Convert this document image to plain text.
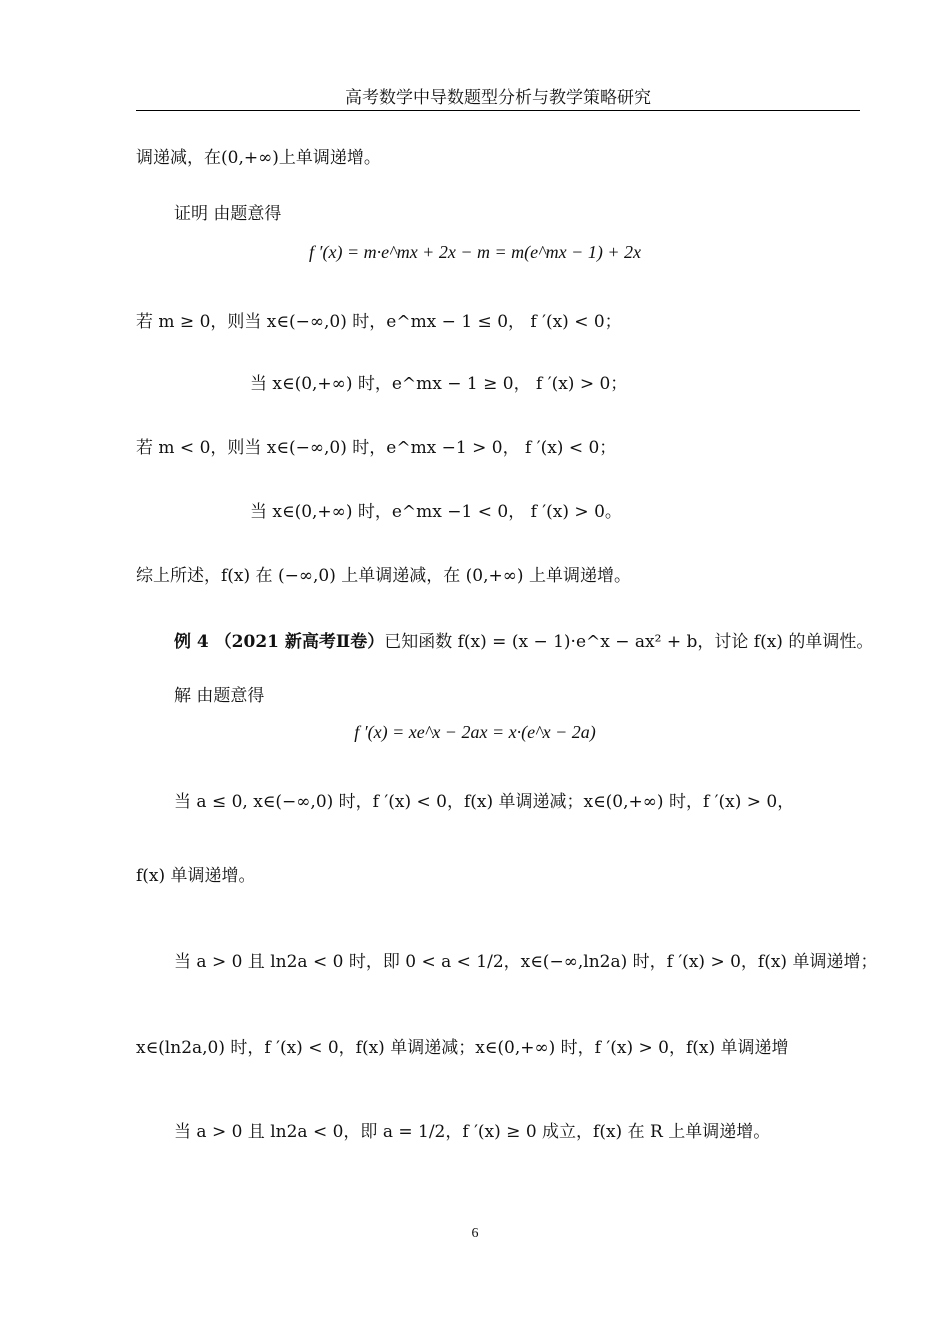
高考数学中导数题型分析与教学策略研究
调递减，在(0,+∞)上单调递增。
证明 由题意得
f ′(x) = m·e^mx + 2x − m = m(e^mx − 1) + 2x
若 m ≥ 0，则当 x∈(−∞,0) 时，e^mx − 1 ≤ 0， f ′(x) < 0；
当 x∈(0,+∞) 时，e^mx − 1 ≥ 0， f ′(x) > 0；
若 m < 0，则当 x∈(−∞,0) 时，e^mx −1 > 0， f ′(x) < 0；
当 x∈(0,+∞) 时，e^mx −1 < 0， f ′(x) > 0。
综上所述，f(x) 在 (−∞,0) 上单调递减，在 (0,+∞) 上单调递增。
例 4 （2021 新高考Ⅱ卷）已知函数 f(x) = (x − 1)·e^x − ax² + b，讨论 f(x) 的单调性。
解 由题意得
f ′(x) = xe^x − 2ax = x·(e^x − 2a)
当 a ≤ 0, x∈(−∞,0) 时，f ′(x) < 0，f(x) 单调递减；x∈(0,+∞) 时，f ′(x) > 0，
f(x) 单调递增。
当 a > 0 且 ln2a < 0 时，即 0 < a < 1/2，x∈(−∞,ln2a) 时，f ′(x) > 0，f(x) 单调递增；
x∈(ln2a,0) 时，f ′(x) < 0，f(x) 单调递减；x∈(0,+∞) 时，f ′(x) > 0，f(x) 单调递增
当 a > 0 且 ln2a < 0，即 a = 1/2，f ′(x) ≥ 0 成立，f(x) 在 R 上单调递增。
6
